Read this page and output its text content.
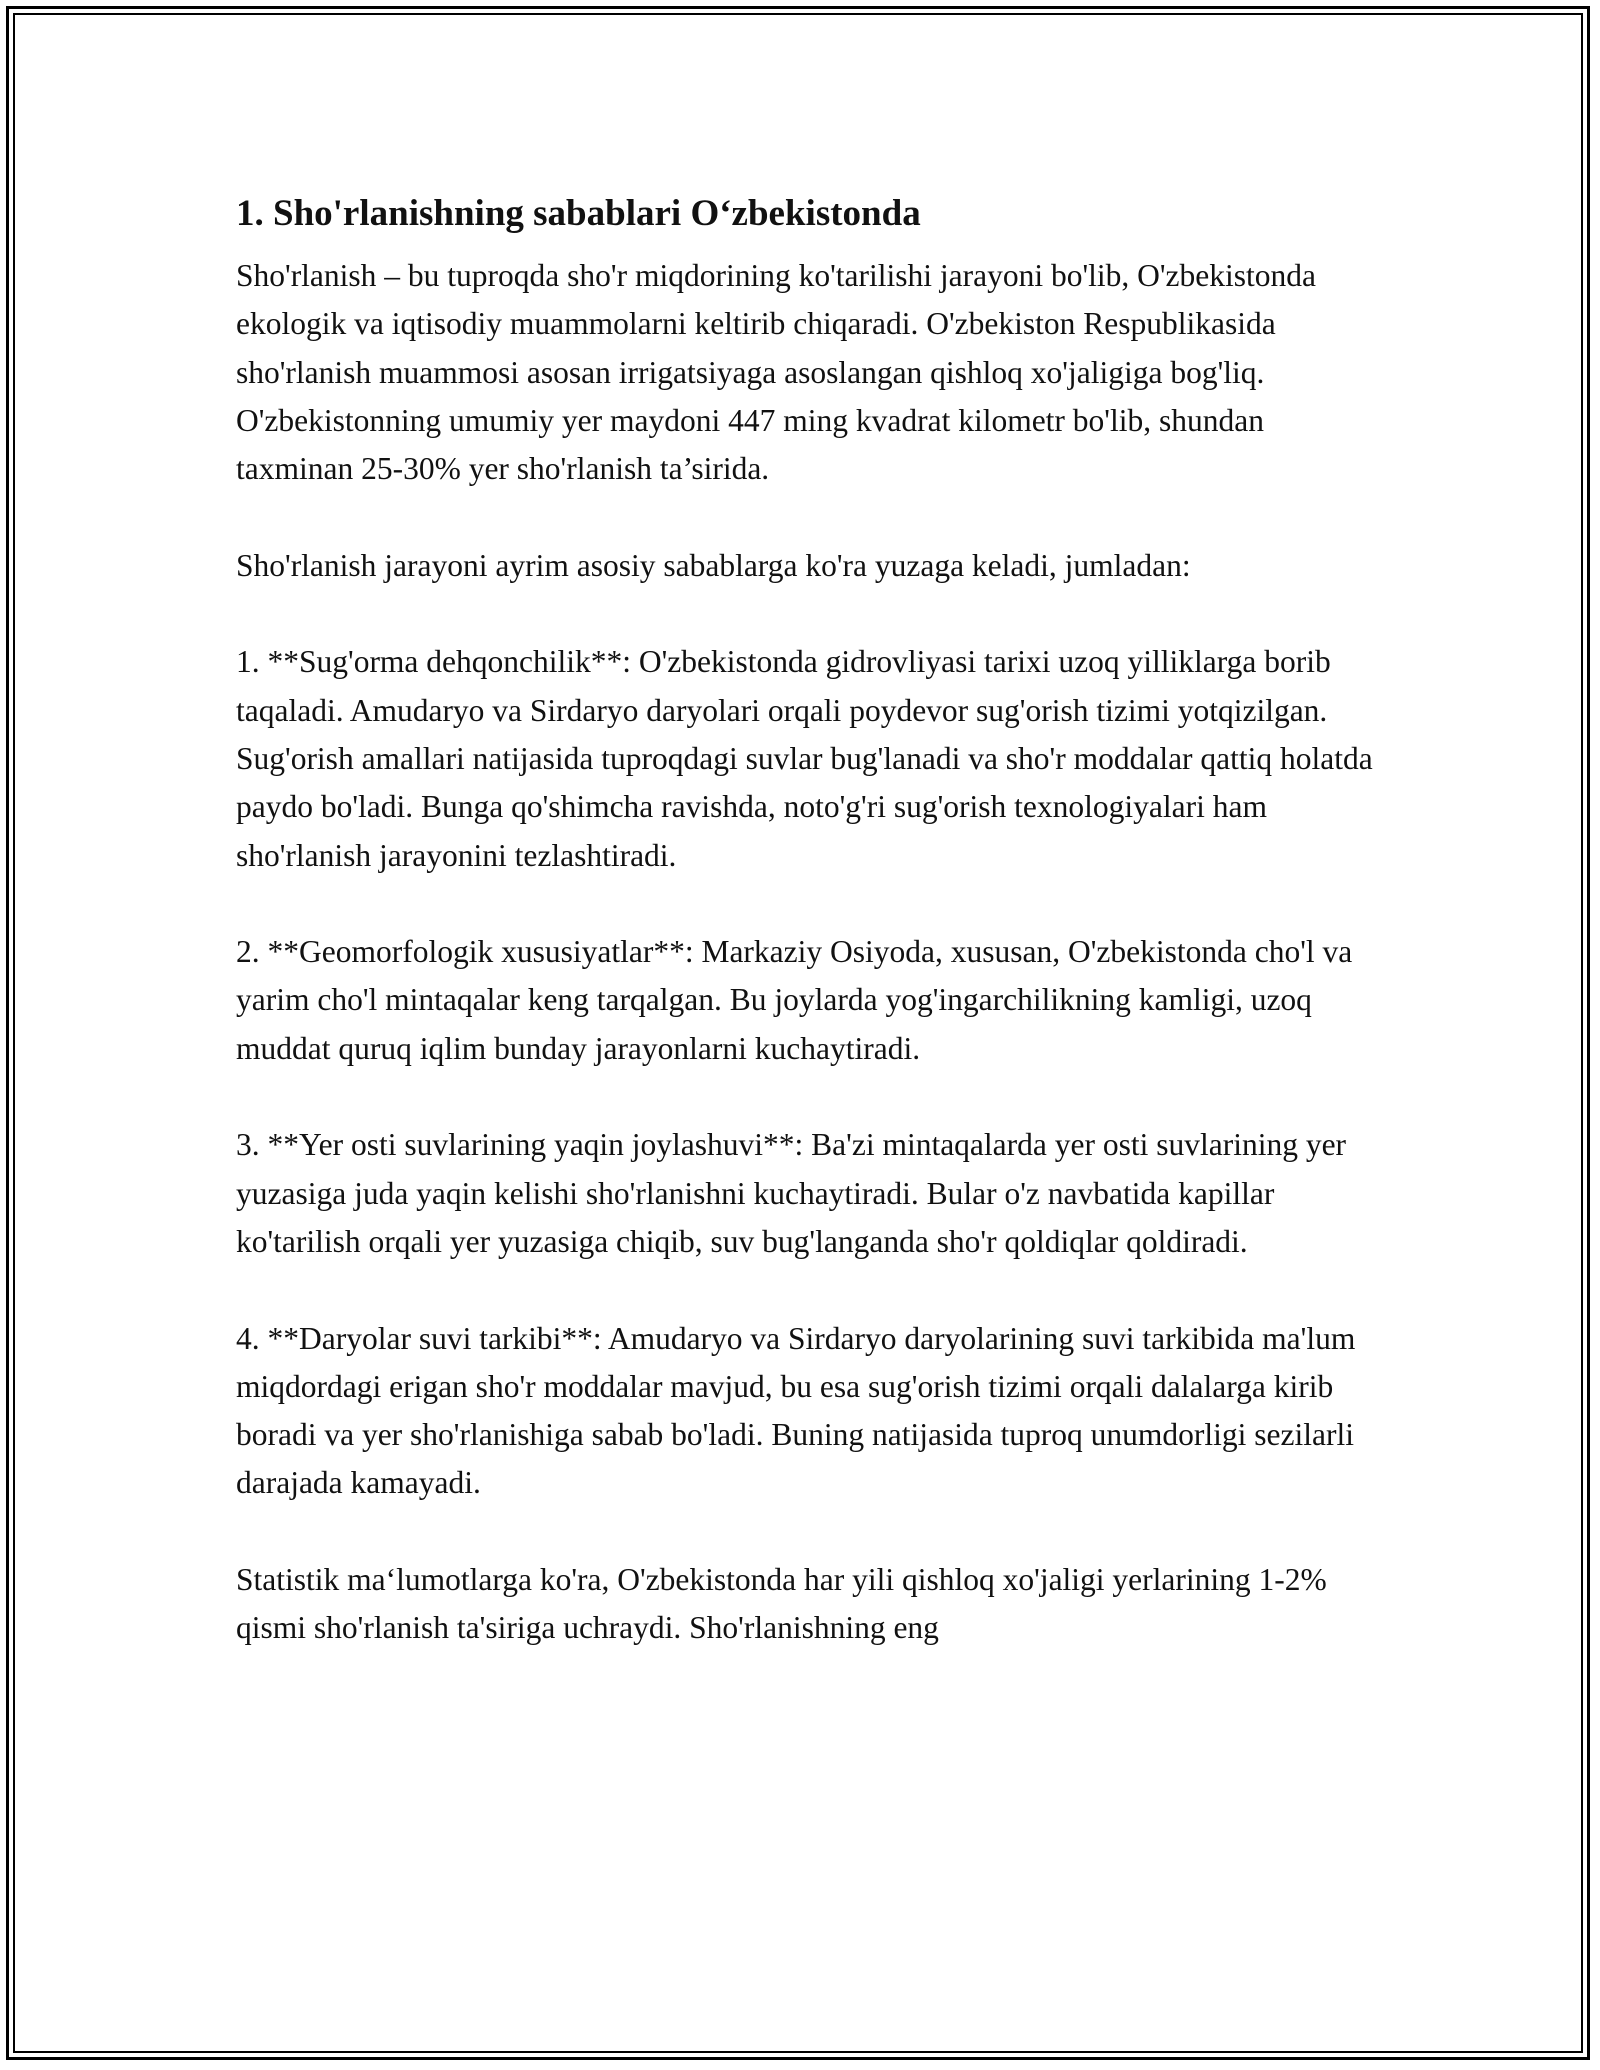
1. Sho'rlanishning sabablari O‘zbekistonda

Sho'rlanish – bu tuproqda sho'r miqdorining ko'tarilishi jarayoni bo'lib, O'zbekistonda ekologik va iqtisodiy muammolarni keltirib chiqaradi. O'zbekiston Respublikasida sho'rlanish muammosi asosan irrigatsiyaga asoslangan qishloq xo'jaligiga bog'liq. O'zbekistonning umumiy yer maydoni 447 ming kvadrat kilometr bo'lib, shundan taxminan 25-30% yer sho'rlanish ta’sirida.

Sho'rlanish jarayoni ayrim asosiy sabablarga ko'ra yuzaga keladi, jumladan:

1. **Sug'orma dehqonchilik**: O'zbekistonda gidrovliyasi tarixi uzoq yilliklarga borib taqaladi. Amudaryo va Sirdaryo daryolari orqali poydevor sug'orish tizimi yotqizilgan. Sug'orish amallari natijasida tuproqdagi suvlar bug'lanadi va sho'r moddalar qattiq holatda paydo bo'ladi. Bunga qo'shimcha ravishda, noto'g'ri sug'orish texnologiyalari ham sho'rlanish jarayonini tezlashtiradi.

2. **Geomorfologik xususiyatlar**: Markaziy Osiyoda, xususan, O'zbekistonda cho'l va yarim cho'l mintaqalar keng tarqalgan. Bu joylarda yog'ingarchilikning kamligi, uzoq muddat quruq iqlim bunday jarayonlarni kuchaytiradi.

3. **Yer osti suvlarining yaqin joylashuvi**: Ba'zi mintaqalarda yer osti suvlarining yer yuzasiga juda yaqin kelishi sho'rlanishni kuchaytiradi. Bular o'z navbatida kapillar ko'tarilish orqali yer yuzasiga chiqib, suv bug'langanda sho'r qoldiqlar qoldiradi.

4. **Daryolar suvi tarkibi**: Amudaryo va Sirdaryo daryolarining suvi tarkibida ma'lum miqdordagi erigan sho'r moddalar mavjud, bu esa sug'orish tizimi orqali dalalarga kirib boradi va yer sho'rlanishiga sabab bo'ladi. Buning natijasida tuproq unumdorligi sezilarli darajada kamayadi.

Statistik ma‘lumotlarga ko'ra, O'zbekistonda har yili qishloq xo'jaligi yerlarining 1-2% qismi sho'rlanish ta'siriga uchraydi. Sho'rlanishning eng
